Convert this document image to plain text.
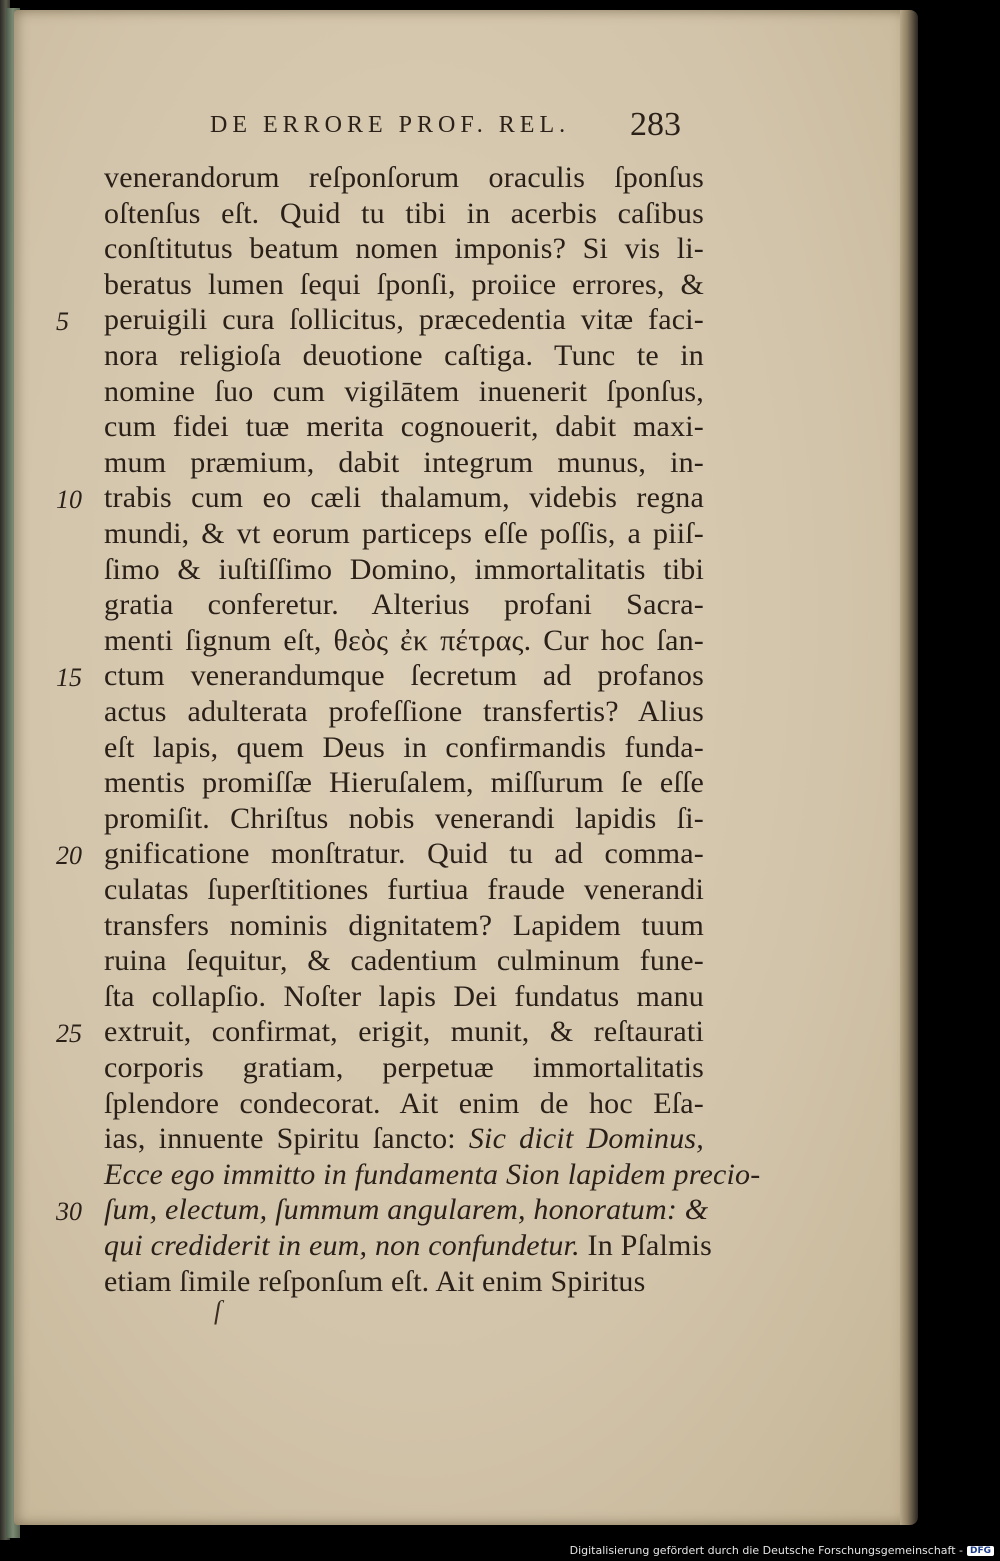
DE ERRORE PROF. REL. 283
venerandorum reſponſorum oraculis ſponſus
oſtenſus eſt. Quid tu tibi in acerbis caſibus
conſtitutus beatum nomen imponis? Si vis li-
beratus lumen ſequi ſponſi, proiice errores, &
peruigili cura ſollicitus, præcedentia vitæ faci-
nora religioſa deuotione caſtiga. Tunc te in
nomine ſuo cum vigilātem inuenerit ſponſus,
cum fidei tuæ merita cognouerit, dabit maxi-
mum præmium, dabit integrum munus, in-
trabis cum eo cæli thalamum, videbis regna
mundi, & vt eorum particeps eſſe poſſis, a piiſ-
ſimo & iuſtiſſimo Domino, immortalitatis tibi
gratia conferetur. Alterius profani Sacra-
menti ſignum eſt, θεὸς ἐκ πέτρας. Cur hoc ſan-
ctum venerandumque ſecretum ad profanos
actus adulterata profeſſione transfertis? Alius
eſt lapis, quem Deus in confirmandis funda-
mentis promiſſæ Hieruſalem, miſſurum ſe eſſe
promiſit. Chriſtus nobis venerandi lapidis ſi-
gnificatione monſtratur. Quid tu ad comma-
culatas ſuperſtitiones furtiua fraude venerandi
transfers nominis dignitatem? Lapidem tuum
ruina ſequitur, & cadentium culminum fune-
ſta collapſio. Noſter lapis Dei fundatus manu
extruit, confirmat, erigit, munit, & reſtaurati
corporis gratiam, perpetuæ immortalitatis
ſplendore condecorat. Ait enim de hoc Eſa-
ias, innuente Spiritu ſancto: Sic dicit Dominus,
Ecce ego immitto in fundamenta Sion lapidem precio-
ſum, electum, ſummum angularem, honoratum: &
qui crediderit in eum, non confundetur. In Pſalmis
etiam ſimile reſponſum eſt. Ait enim Spiritus
5
10
15
20
25
30
ſ
Digitalisierung gefördert durch die Deutsche Forschungsgemeinschaft - DFG
